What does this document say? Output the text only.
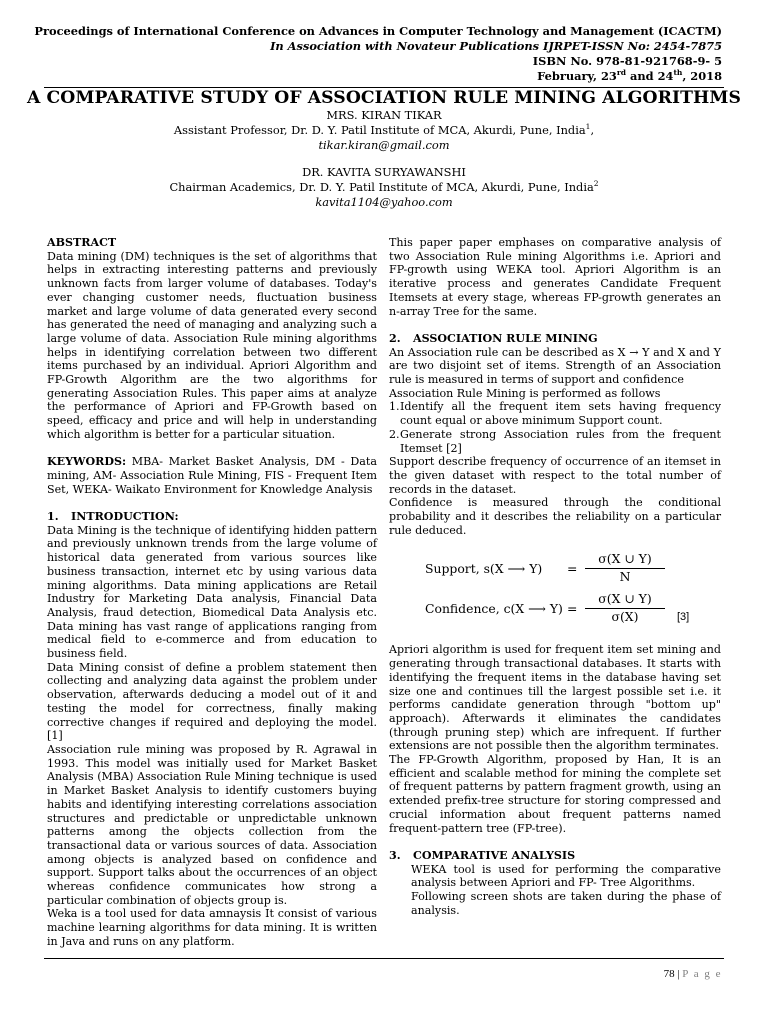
Proceedings of International Conference on Advances in Computer Technology and Management (ICACTM)
In Association with Novateur Publications IJRPET-ISSN No: 2454-7875
ISBN No. 978-81-921768-9- 5
February, 23rd and 24th, 2018
A COMPARATIVE STUDY OF ASSOCIATION RULE MINING ALGORITHMS
MRS. KIRAN TIKAR
Assistant Professor, Dr. D. Y. Patil Institute of MCA, Akurdi, Pune, India$^1$,
tikar.kiran@gmail.com
DR. KAVITA SURYAWANSHI
Chairman Academics, Dr. D. Y. Patil Institute of MCA, Akurdi, Pune, India$^2$
kavita1104@yahoo.com
ABSTRACT

Data mining (DM) techniques is the set of algorithms that helps in extracting interesting patterns and previously unknown facts from larger volume of databases. Today's ever changing customer needs, fluctuation business market and large volume of data generated every second has generated the need of managing and analyzing such a large volume of data. Association Rule mining algorithms helps in identifying correlation between two different items purchased by an individual. Apriori Algorithm and FP-Growth Algorithm are the two algorithms for generating Association Rules. This paper aims at analyze the performance of Apriori and FP-Growth based on speed, efficacy and price and will help in understanding which algorithm is better for a particular situation.

KEYWORDS: MBA- Market Basket Analysis, DM - Data mining, AM- Association Rule Mining, FIS - Frequent Item Set, WEKA- Waikato Environment for Knowledge Analysis

1.	INTRODUCTION:

Data Mining is the technique of identifying hidden pattern and previously unknown trends from the large volume of historical data generated from various sources like business transaction, internet etc by using various data mining algorithms. Data mining applications are Retail Industry for Marketing Data analysis, Financial Data Analysis, fraud detection, Biomedical Data Analysis etc. Data mining has vast range of applications ranging from medical field to e-commerce and from education to business field.

Data Mining consist of define a problem statement then collecting and analyzing data against the problem under observation, afterwards deducing a model out of it and testing the model for correctness, finally making corrective changes if required and deploying the model. [1]

Association rule mining was proposed by R. Agrawal in 1993. This model was initially used for Market Basket Analysis (MBA) Association Rule Mining technique is used in Market Basket Analysis to identify customers buying habits and identifying interesting correlations association structures and predictable or unpredictable unknown patterns among the objects collection from the transactional data or various sources of data. Association among objects is analyzed based on confidence and support. Support talks about the occurrences of an object whereas confidence communicates how strong a particular combination of objects group is.

Weka is a tool used for data amnaysis It consist of various machine learning algorithms for data mining. It is written in Java and runs on any platform.

This paper paper emphases on comparative analysis of two Association Rule mining Algorithms i.e. Apriori and FP-growth using WEKA tool. Apriori Algorithm is an iterative process and generates Candidate Frequent Itemsets at every stage, whereas FP-growth generates an n-array Tree for the same.

2.	ASSOCIATION RULE MINING

An Association rule can be described as X → Y and X and Y are two disjoint set of items. Strength of an Association rule is measured in terms of support and confidence

Association Rule Mining is performed as follows

1. Identify all the frequent item sets having frequency count equal or above minimum Support count.
2. Generate strong Association rules from the frequent Itemset [2]

Support describe frequency of occurrence of an itemset in the given dataset with respect to the total number of records in the dataset.

Confidence is measured through the conditional probability and it describes the reliability on a particular rule deduced.

Support, s(X ⟶ $Y) = \frac{\sigma(X \cup Y)}{N}$
Confidence, c(X ⟶ $Y) = \frac{\sigma(X \cup Y)}{\sigma(X)} [3]$

Apriori algorithm is used for frequent item set mining and generating through transactional databases. It starts with identifying the frequent items in the database having set size one and continues till the largest possible set i.e. it performs candidate generation through "bottom up" approach). Afterwards it eliminates the candidates (through pruning step) which are infrequent. If further extensions are not possible then the algorithm terminates.

The FP-Growth Algorithm, proposed by Han, It is an efficient and scalable method for mining the complete set of frequent patterns by pattern fragment growth, using an extended prefix-tree structure for storing compressed and crucial information about frequent patterns named frequent-pattern tree (FP-tree).

3.	COMPARATIVE ANALYSIS

WEKA tool is used for performing the comparative analysis between Apriori and FP- Tree Algorithms.

Following screen shots are taken during the phase of analysis.

78 | P a g e
